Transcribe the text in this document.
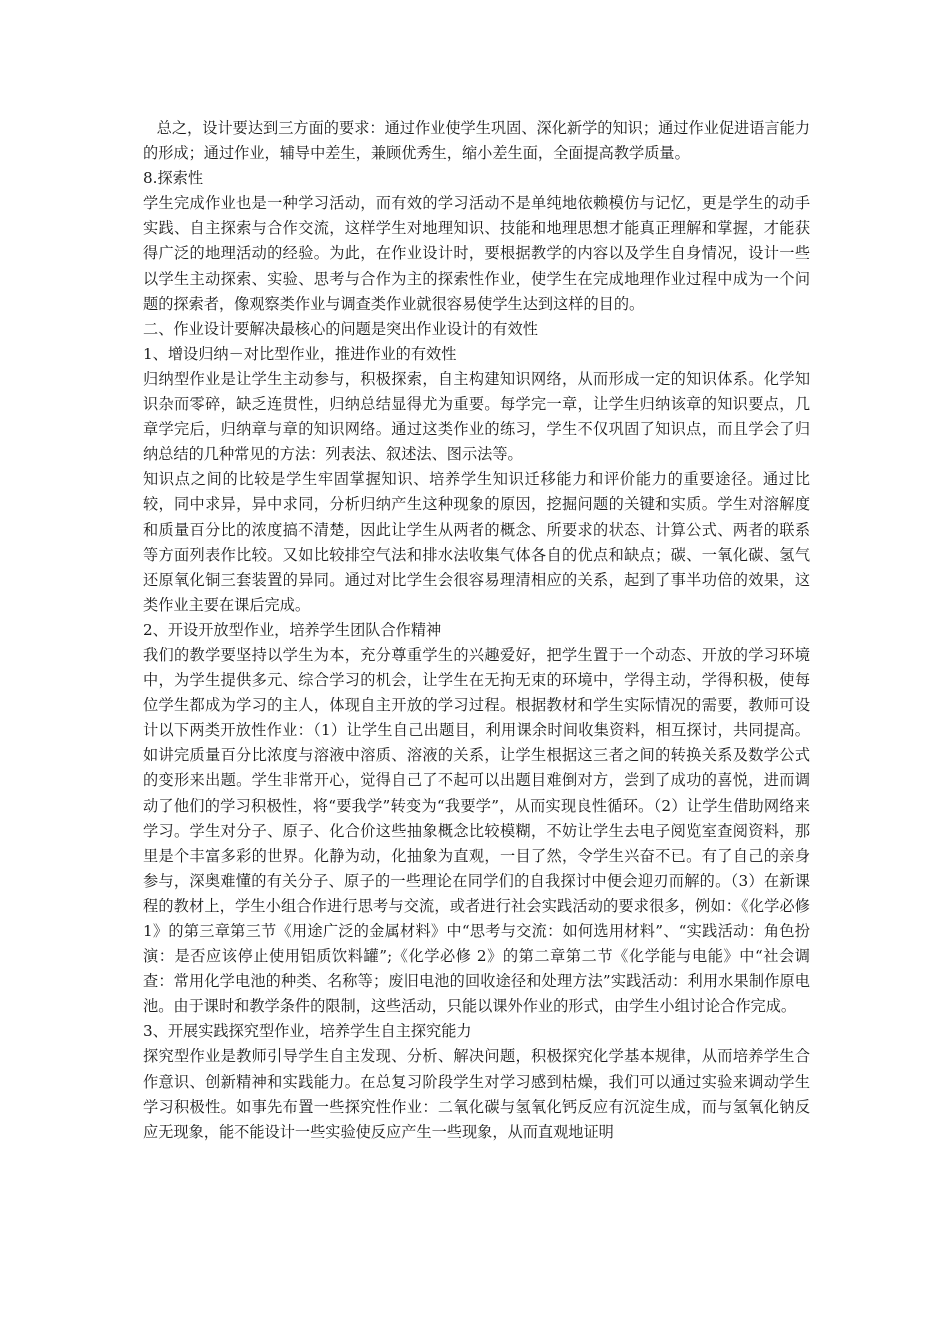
总之，设计要达到三方面的要求：通过作业使学生巩固、深化新学的知识；通过作业促进语言能力的形成；通过作业，辅导中差生，兼顾优秀生，缩小差生面，全面提高教学质量。

8.探索性

学生完成作业也是一种学习活动，而有效的学习活动不是单纯地依赖模仿与记忆，更是学生的动手实践、自主探索与合作交流，这样学生对地理知识、技能和地理思想才能真正理解和掌握，才能获得广泛的地理活动的经验。为此，在作业设计时，要根据教学的内容以及学生自身情况，设计一些以学生主动探索、实验、思考与合作为主的探索性作业，使学生在完成地理作业过程中成为一个问题的探索者，像观察类作业与调查类作业就很容易使学生达到这样的目的。

二、作业设计要解决最核心的问题是突出作业设计的有效性

1、增设归纳－对比型作业，推进作业的有效性

归纳型作业是让学生主动参与，积极探索，自主构建知识网络，从而形成一定的知识体系。化学知识杂而零碎，缺乏连贯性，归纳总结显得尤为重要。每学完一章，让学生归纳该章的知识要点，几章学完后，归纳章与章的知识网络。通过这类作业的练习，学生不仅巩固了知识点，而且学会了归纳总结的几种常见的方法：列表法、叙述法、图示法等。

知识点之间的比较是学生牢固掌握知识、培养学生知识迁移能力和评价能力的重要途径。通过比较，同中求异，异中求同，分析归纳产生这种现象的原因，挖掘问题的关键和实质。学生对溶解度和质量百分比的浓度搞不清楚，因此让学生从两者的概念、所要求的状态、计算公式、两者的联系等方面列表作比较。又如比较排空气法和排水法收集气体各自的优点和缺点；碳、一氧化碳、氢气还原氧化铜三套装置的异同。通过对比学生会很容易理清相应的关系，起到了事半功倍的效果，这类作业主要在课后完成。

2、开设开放型作业，培养学生团队合作精神

我们的教学要坚持以学生为本，充分尊重学生的兴趣爱好，把学生置于一个动态、开放的学习环境中，为学生提供多元、综合学习的机会，让学生在无拘无束的环境中，学得主动，学得积极，使每位学生都成为学习的主人，体现自主开放的学习过程。根据教材和学生实际情况的需要，教师可设计以下两类开放性作业：（1）让学生自己出题目，利用课余时间收集资料，相互探讨，共同提高。如讲完质量百分比浓度与溶液中溶质、溶液的关系，让学生根据这三者之间的转换关系及数学公式的变形来出题。学生非常开心，觉得自己了不起可以出题目难倒对方，尝到了成功的喜悦，进而调动了他们的学习积极性，将“要我学”转变为“我要学”，从而实现良性循环。（2）让学生借助网络来学习。学生对分子、原子、化合价这些抽象概念比较模糊，不妨让学生去电子阅览室查阅资料，那里是个丰富多彩的世界。化静为动，化抽象为直观，一目了然，令学生兴奋不已。有了自己的亲身参与，深奥难懂的有关分子、原子的一些理论在同学们的自我探讨中便会迎刃而解的。（3）在新课程的教材上，学生小组合作进行思考与交流，或者进行社会实践活动的要求很多，例如：《化学必修 1》的第三章第三节《用途广泛的金属材料》中“思考与交流：如何选用材料”、“实践活动：角色扮演：是否应该停止使用铝质饮料罐”;《化学必修 2》的第二章第二节《化学能与电能》中“社会调查：常用化学电池的种类、名称等；废旧电池的回收途径和处理方法”实践活动：利用水果制作原电池。由于课时和教学条件的限制，这些活动，只能以课外作业的形式，由学生小组讨论合作完成。

3、开展实践探究型作业，培养学生自主探究能力

探究型作业是教师引导学生自主发现、分析、解决问题，积极探究化学基本规律，从而培养学生合作意识、创新精神和实践能力。在总复习阶段学生对学习感到枯燥，我们可以通过实验来调动学生学习积极性。如事先布置一些探究性作业：二氧化碳与氢氧化钙反应有沉淀生成，而与氢氧化钠反应无现象，能不能设计一些实验使反应产生一些现象，从而直观地证明
